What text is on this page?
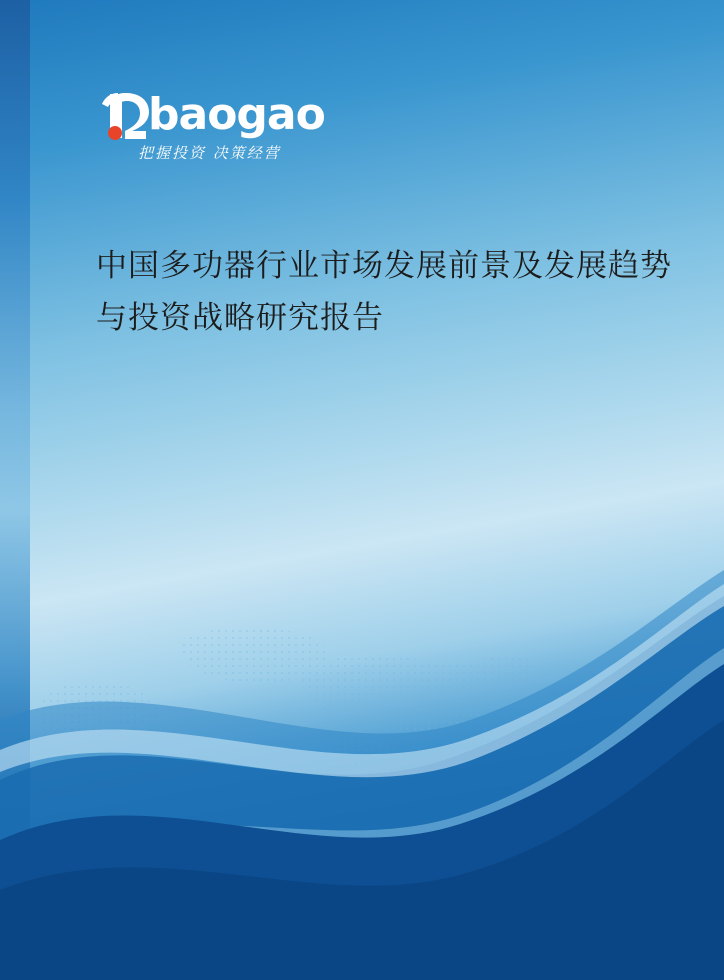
baogao
把握投资 决策经营
中国多功器行业市场发展前景及发展趋势与投资战略研究报告
